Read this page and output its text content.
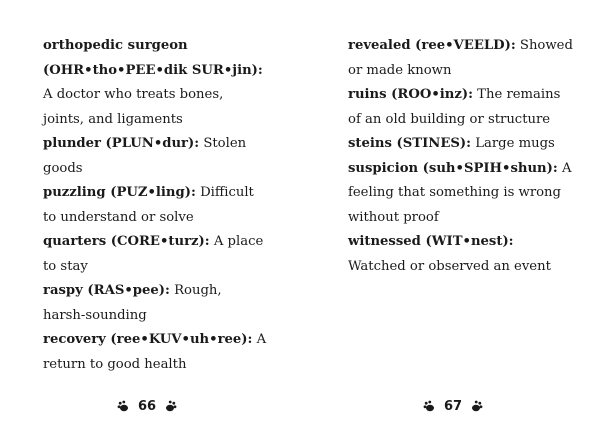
orthopedic surgeon (OHR•tho•PEE•dik SUR•jin): A doctor who treats bones, joints, and ligaments
plunder (PLUN•dur): Stolen goods
puzzling (PUZ•ling): Difficult to understand or solve
quarters (CORE•turz): A place to stay
raspy (RAS•pee): Rough, harsh-sounding
recovery (ree•KUV•uh•ree): A return to good health
revealed (ree•VEELD): Showed or made known
ruins (ROO•inz): The remains of an old building or structure
steins (STINES): Large mugs
suspicion (suh•SPIH•shun): A feeling that something is wrong without proof
witnessed (WIT•nest): Watched or observed an event
66	67
